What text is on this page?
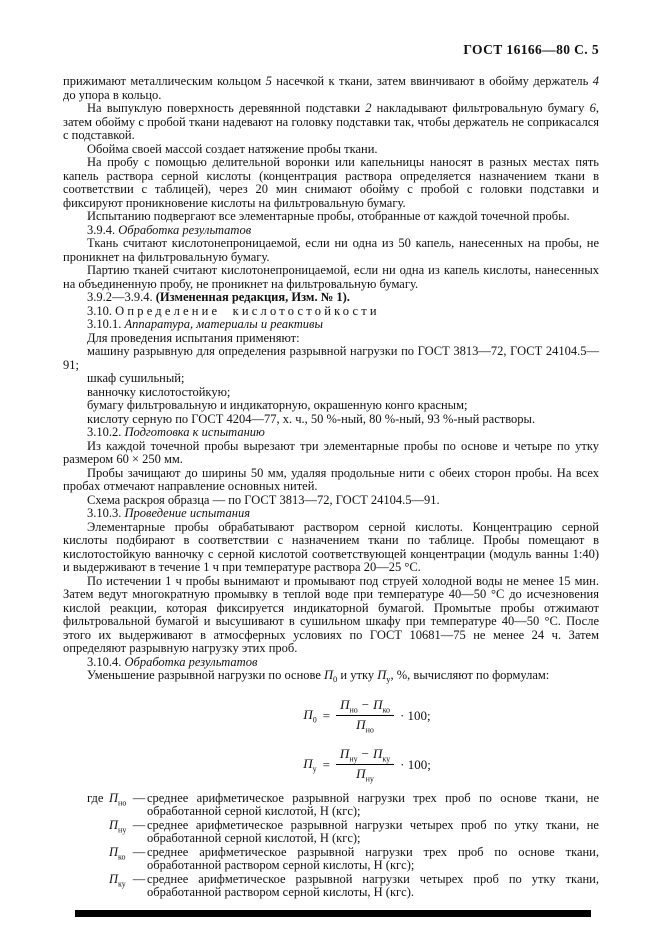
ГОСТ 16166—80 С. 5

прижимают металлическим кольцом 5 насечкой к ткани, затем ввинчивают в обойму держатель 4 до упора в кольцо.

На выпуклую поверхность деревянной подставки 2 накладывают фильтровальную бумагу 6, затем обойму с пробой ткани надевают на головку подставки так, чтобы держатель не соприкасался с подставкой.

Обойма своей массой создает натяжение пробы ткани.

На пробу с помощью делительной воронки или капельницы наносят в разных местах пять капель раствора серной кислоты (концентрация раствора определяется назначением ткани в соответствии с таблицей), через 20 мин снимают обойму с пробой с головки подставки и фиксируют проникновение кислоты на фильтровальную бумагу.

Испытанию подвергают все элементарные пробы, отобранные от каждой точечной пробы.

3.9.4. Обработка результатов

Ткань считают кислотонепроницаемой, если ни одна из 50 капель, нанесенных на пробы, не проникнет на фильтровальную бумагу.

Партию тканей считают кислотонепроницаемой, если ни одна из капель кислоты, нанесенных на объединенную пробу, не проникнет на фильтровальную бумагу.

3.9.2—3.9.4. (Измененная редакция, Изм. № 1).

3.10. Определение кислотостойкости

3.10.1. Аппаратура, материалы и реактивы

Для проведения испытания применяют:

машину разрывную для определения разрывной нагрузки по ГОСТ 3813—72, ГОСТ 24104.5—91;

шкаф сушильный;

ванночку кислотостойкую;

бумагу фильтровальную и индикаторную, окрашенную конго красным;

кислоту серную по ГОСТ 4204—77, х. ч., 50 %-ный, 80 %-ный, 93 %-ный растворы.

3.10.2. Подготовка к испытанию

Из каждой точечной пробы вырезают три элементарные пробы по основе и четыре по утку размером 60 × 250 мм.

Пробы зачищают до ширины 50 мм, удаляя продольные нити с обеих сторон пробы. На всех пробах отмечают направление основных нитей.

Схема раскроя образца — по ГОСТ 3813—72, ГОСТ 24104.5—91.

3.10.3. Проведение испытания

Элементарные пробы обрабатывают раствором серной кислоты. Концентрацию серной кислоты подбирают в соответствии с назначением ткани по таблице. Пробы помещают в кислотостойкую ванночку с серной кислотой соответствующей концентрации (модуль ванны 1:40) и выдерживают в течение 1 ч при температуре раствора 20—25 °С.

По истечении 1 ч пробы вынимают и промывают под струей холодной воды не менее 15 мин. Затем ведут многократную промывку в теплой воде при температуре 40—50 °С до исчезновения кислой реакции, которая фиксируется индикаторной бумагой. Промытые пробы отжимают фильтровальной бумагой и высушивают в сушильном шкафу при температуре 40—50 °С. После этого их выдерживают в атмосферных условиях по ГОСТ 10681—75 не менее 24 ч. Затем определяют разрывную нагрузку этих проб.

3.10.4. Обработка результатов

Уменьшение разрывной нагрузки по основе $П_0$ и утку $П_у$, %, вычисляют по формулам:

$П_0 = \frac{П_{но} - П_{ко}}{П_{но}} \cdot 100$;
$П_у = \frac{П_{ну} - П_{ку}}{П_{ну}} \cdot 100$;
где $П_{но}$ — среднее арифметическое разрывной нагрузки трех проб по основе ткани, не обработанной серной кислотой, Н (кгс);
$П_{ну}$ — среднее арифметическое разрывной нагрузки четырех проб по утку ткани, не обработанной серной кислотой, Н (кгс);
$П_{ко}$ — среднее арифметическое разрывной нагрузки трех проб по основе ткани, обработанной раствором серной кислоты, Н (кгс);
$П_{ку}$ — среднее арифметическое разрывной нагрузки четырех проб по утку ткани, обработанной раствором серной кислоты, Н (кгс).
